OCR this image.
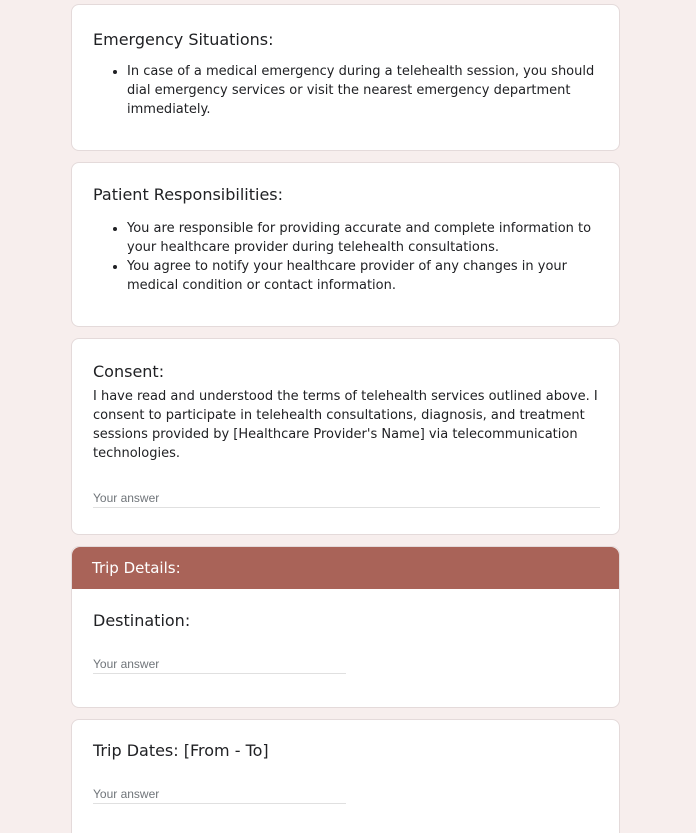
Emergency Situations:

• In case of a medical emergency during a telehealth session, you should dial emergency services or visit the nearest emergency department immediately.

Patient Responsibilities:

• You are responsible for providing accurate and complete information to your healthcare provider during telehealth consultations.
• You agree to notify your healthcare provider of any changes in your medical condition or contact information.

Consent:

I have read and understood the terms of telehealth services outlined above. I consent to participate in telehealth consultations, diagnosis, and treatment sessions provided by [Healthcare Provider's Name] via telecommunication technologies.

Your answer
Trip Details:

Destination:

Your answer

Trip Dates: [From - To]

Your answer
